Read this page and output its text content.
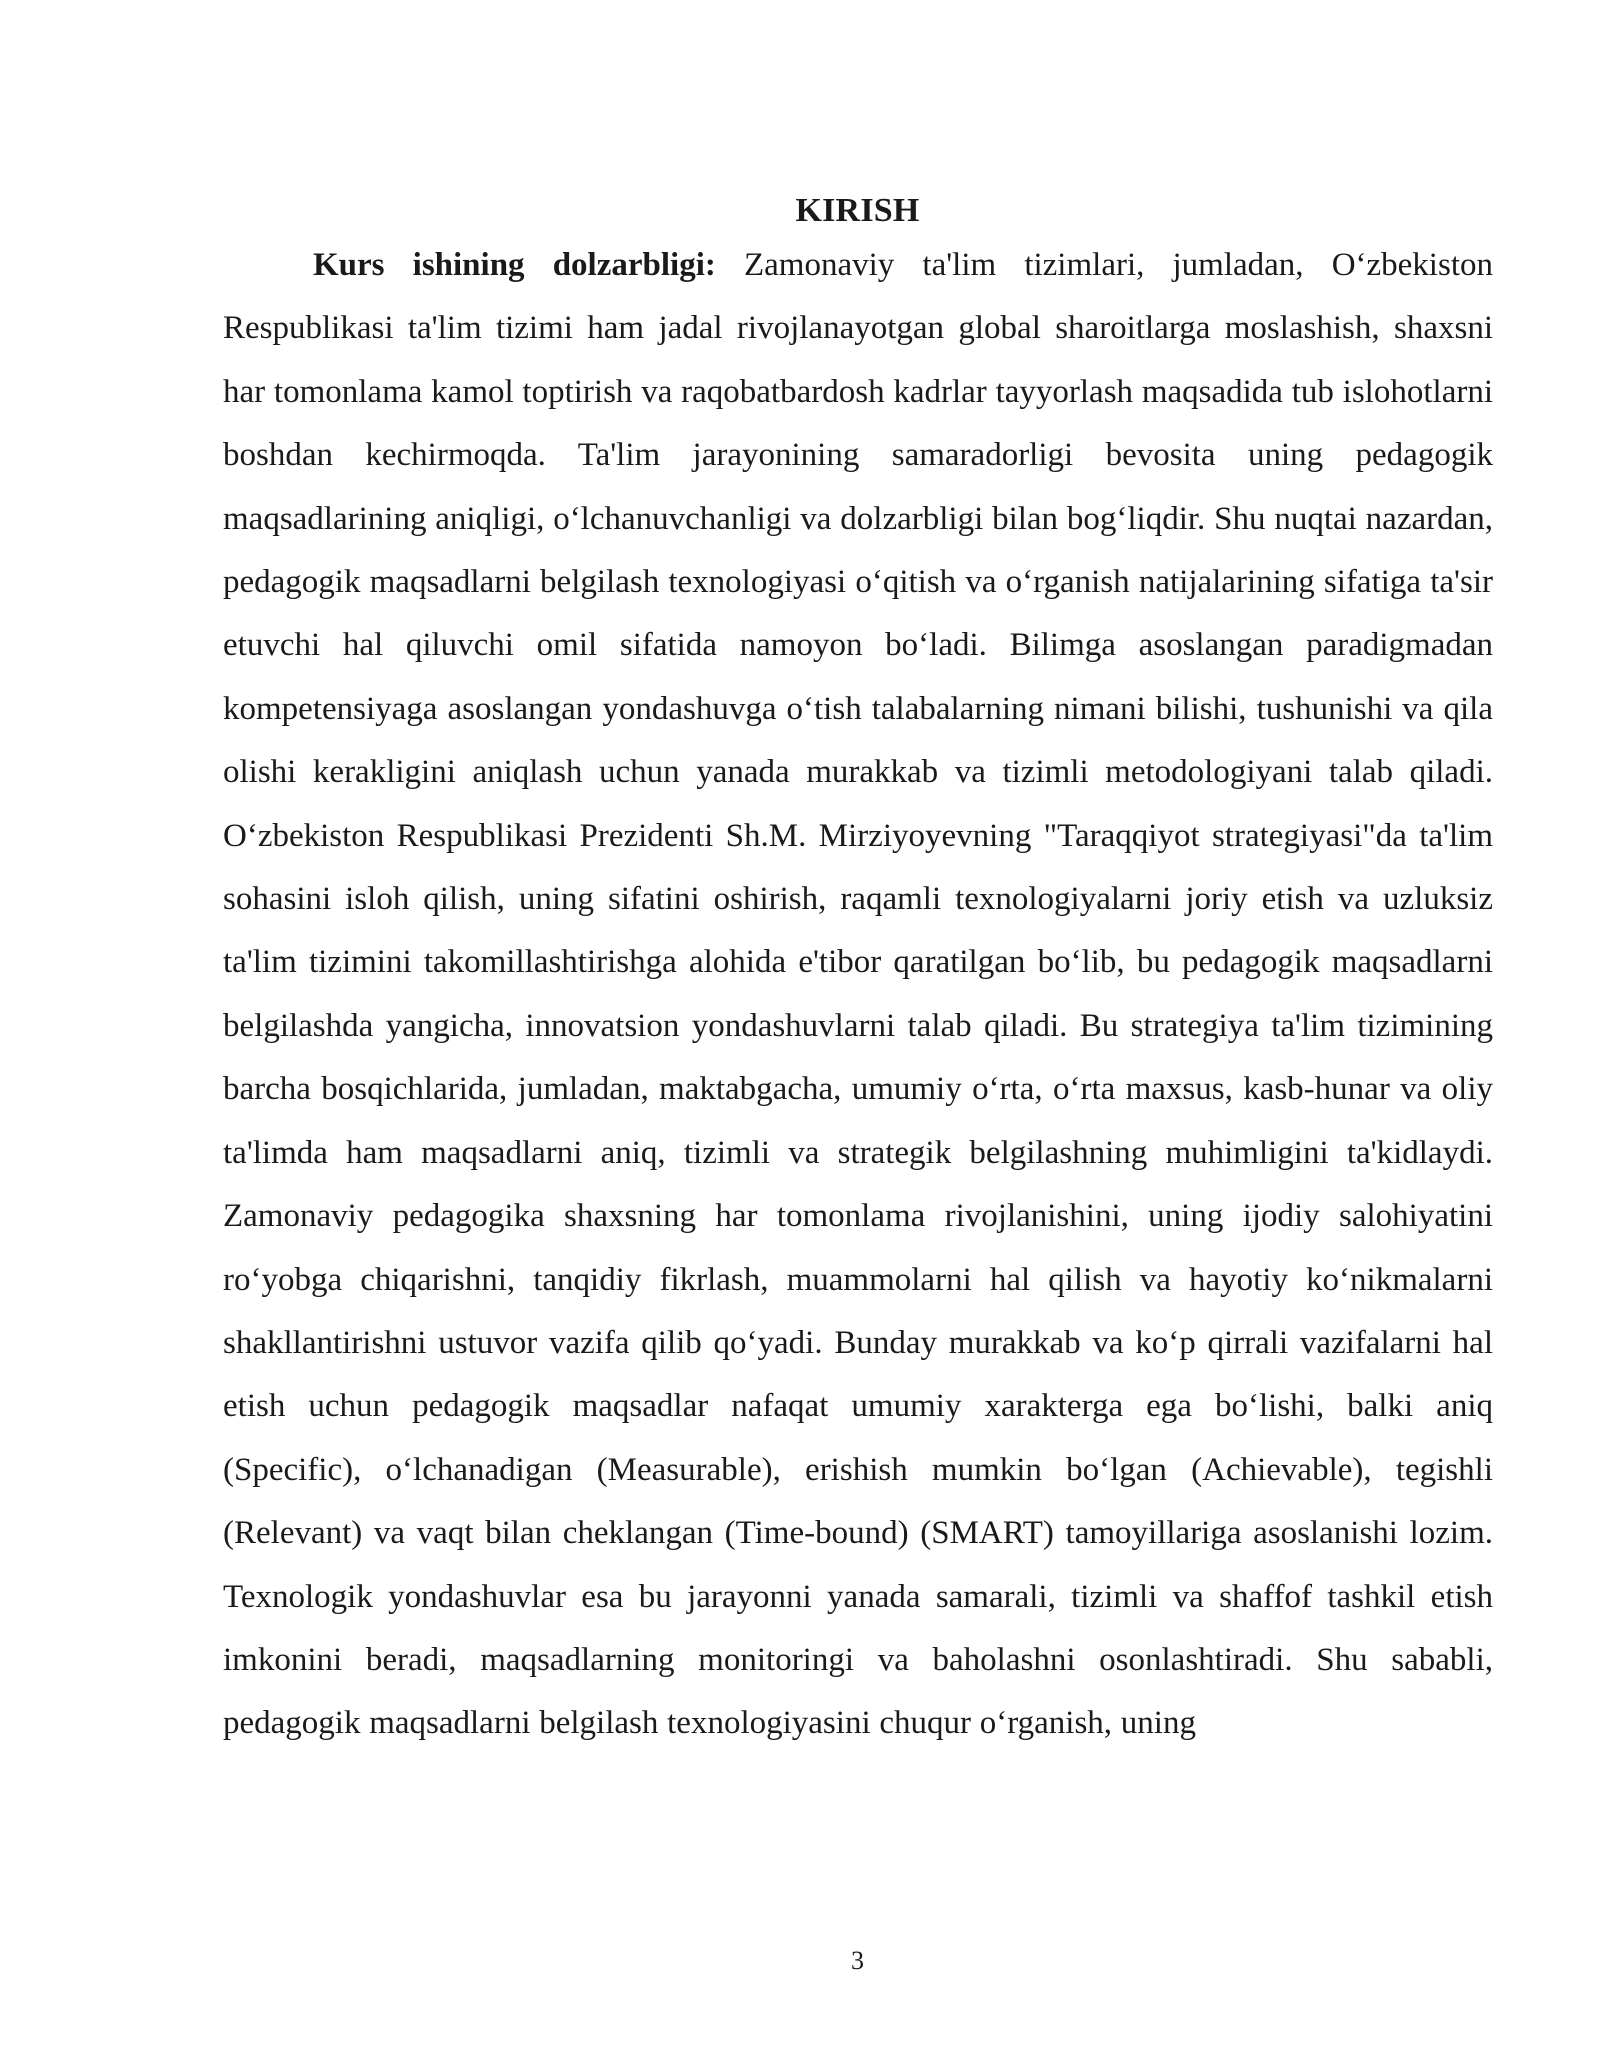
KIRISH

Kurs ishining dolzarbligi: Zamonaviy ta'lim tizimlari, jumladan, O‘zbekiston Respublikasi ta'lim tizimi ham jadal rivojlanayotgan global sharoitlarga moslashish, shaxsni har tomonlama kamol toptirish va raqobatbardosh kadrlar tayyorlash maqsadida tub islohotlarni boshdan kechirmoqda. Ta'lim jarayonining samaradorligi bevosita uning pedagogik maqsadlarining aniqligi, o‘lchanuvchanligi va dolzarbligi bilan bog‘liqdir. Shu nuqtai nazardan, pedagogik maqsadlarni belgilash texnologiyasi o‘qitish va o‘rganish natijalarining sifatiga ta'sir etuvchi hal qiluvchi omil sifatida namoyon bo‘ladi. Bilimga asoslangan paradigmadan kompetensiyaga asoslangan yondashuvga o‘tish talabalarning nimani bilishi, tushunishi va qila olishi kerakligini aniqlash uchun yanada murakkab va tizimli metodologiyani talab qiladi. O‘zbekiston Respublikasi Prezidenti Sh.M. Mirziyoyevning "Taraqqiyot strategiyasi"da ta'lim sohasini isloh qilish, uning sifatini oshirish, raqamli texnologiyalarni joriy etish va uzluksiz ta'lim tizimini takomillashtirishga alohida e'tibor qaratilgan bo‘lib, bu pedagogik maqsadlarni belgilashda yangicha, innovatsion yondashuvlarni talab qiladi. Bu strategiya ta'lim tizimining barcha bosqichlarida, jumladan, maktabgacha, umumiy o‘rta, o‘rta maxsus, kasb-hunar va oliy ta'limda ham maqsadlarni aniq, tizimli va strategik belgilashning muhimligini ta'kidlaydi. Zamonaviy pedagogika shaxsning har tomonlama rivojlanishini, uning ijodiy salohiyatini ro‘yobga chiqarishni, tanqidiy fikrlash, muammolarni hal qilish va hayotiy ko‘nikmalarni shakllantirishni ustuvor vazifa qilib qo‘yadi. Bunday murakkab va ko‘p qirrali vazifalarni hal etish uchun pedagogik maqsadlar nafaqat umumiy xarakterga ega bo‘lishi, balki aniq (Specific), o‘lchanadigan (Measurable), erishish mumkin bo‘lgan (Achievable), tegishli (Relevant) va vaqt bilan cheklangan (Time-bound) (SMART) tamoyillariga asoslanishi lozim. Texnologik yondashuvlar esa bu jarayonni yanada samarali, tizimli va shaffof tashkil etish imkonini beradi, maqsadlarning monitoringi va baholashni osonlashtiradi. Shu sababli, pedagogik maqsadlarni belgilash texnologiyasini chuqur o‘rganish, uning

3
